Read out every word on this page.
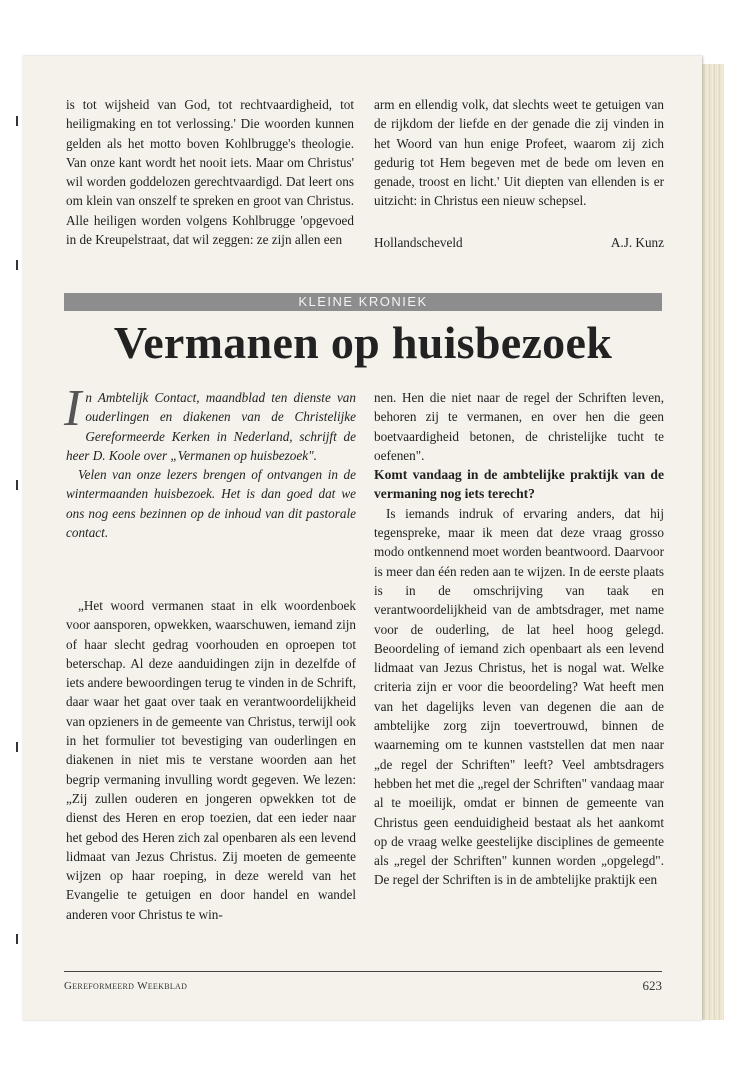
is tot wijsheid van God, tot rechtvaardigheid, tot heiligmaking en tot verlossing.' Die woorden kunnen gelden als het motto boven Kohlbrugge's theologie. Van onze kant wordt het nooit iets. Maar om Christus' wil worden goddelozen gerechtvaardigd. Dat leert ons om klein van onszelf te spreken en groot van Christus. Alle heiligen worden volgens Kohlbrugge 'opgevoed in de Kreupelstraat, dat wil zeggen: ze zijn allen een

arm en ellendig volk, dat slechts weet te getuigen van de rijkdom der liefde en der genade die zij vinden in het Woord van hun enige Profeet, waarom zij zich gedurig tot Hem begeven met de bede om leven en genade, troost en licht.' Uit diepten van ellenden is er uitzicht: in Christus een nieuw schepsel.

Hollandscheveld	A.J. Kunz
KLEINE KRONIEK
Vermanen op huisbezoek

In Ambtelijk Contact, maandblad ten dienste van ouderlingen en diakenen van de Christelijke Gereformeerde Kerken in Nederland, schrijft de heer D. Koole over „Vermanen op huisbezoek".

Velen van onze lezers brengen of ontvangen in de wintermaanden huisbezoek. Het is dan goed dat we ons nog eens bezinnen op de inhoud van dit pastorale contact.

„Het woord vermanen staat in elk woordenboek voor aansporen, opwekken, waarschuwen, iemand zijn of haar slecht gedrag voorhouden en oproepen tot beterschap. Al deze aanduidingen zijn in dezelfde of iets andere bewoordingen terug te vinden in de Schrift, daar waar het gaat over taak en verantwoordelijkheid van opzieners in de gemeente van Christus, terwijl ook in het formulier tot bevestiging van ouderlingen en diakenen in niet mis te verstane woorden aan het begrip vermaning invulling wordt gegeven. We lezen: „Zij zullen ouderen en jongeren opwekken tot de dienst des Heren en erop toezien, dat een ieder naar het gebod des Heren zich zal openbaren als een levend lidmaat van Jezus Christus. Zij moeten de gemeente wijzen op haar roeping, in deze wereld van het Evangelie te getuigen en door handel en wandel anderen voor Christus te win-

nen. Hen die niet naar de regel der Schriften leven, behoren zij te vermanen, en over hen die geen boetvaardigheid betonen, de christelijke tucht te oefenen".

Komt vandaag in de ambtelijke praktijk van de vermaning nog iets terecht?

Is iemands indruk of ervaring anders, dat hij tegenspreke, maar ik meen dat deze vraag grosso modo ontkennend moet worden beantwoord. Daarvoor is meer dan één reden aan te wijzen. In de eerste plaats is in de omschrijving van taak en verantwoordelijkheid van de ambtsdrager, met name voor de ouderling, de lat heel hoog gelegd. Beoordeling of iemand zich openbaart als een levend lidmaat van Jezus Christus, het is nogal wat. Welke criteria zijn er voor die beoordeling? Wat heeft men van het dagelijks leven van degenen die aan de ambtelijke zorg zijn toevertrouwd, binnen de waarneming om te kunnen vaststellen dat men naar „de regel der Schriften" leeft? Veel ambtsdragers hebben het met die „regel der Schriften" vandaag maar al te moeilijk, omdat er binnen de gemeente van Christus geen eenduidigheid bestaat als het aankomt op de vraag welke geestelijke disciplines de gemeente als „regel der Schriften" kunnen worden „opgelegd". De regel der Schriften is in de ambtelijke praktijk een

Gereformeerd Weekblad	623
